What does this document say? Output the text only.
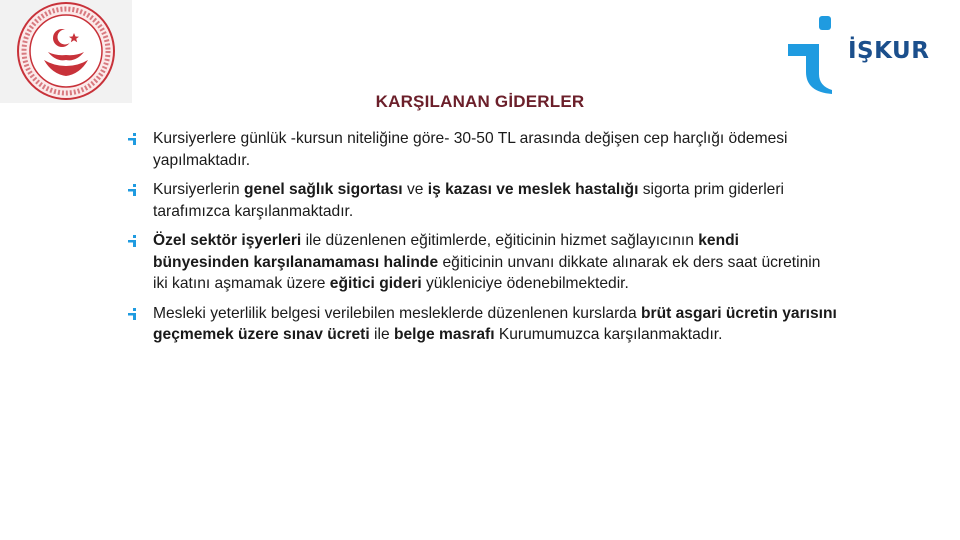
İŞKUR
KARŞILANAN GİDERLER
Kursiyerlere günlük -kursun niteliğine göre- 30-50 TL arasında değişen cep harçlığı ödemesi yapılmaktadır.
Kursiyerlerin genel sağlık sigortası ve iş kazası ve meslek hastalığı sigorta prim giderleri tarafımızca karşılanmaktadır.
Özel sektör işyerleri ile düzenlenen eğitimlerde, eğiticinin hizmet sağlayıcının kendi bünyesinden karşılanamaması halinde eğiticinin unvanı dikkate alınarak ek ders saat ücretinin iki katını aşmamak üzere eğitici gideri yükleniciye ödenebilmektedir.
Mesleki yeterlilik belgesi verilebilen mesleklerde düzenlenen kurslarda brüt asgari ücretin yarısını geçmemek üzere sınav ücreti ile belge masrafı Kurumumuzca karşılanmaktadır.
